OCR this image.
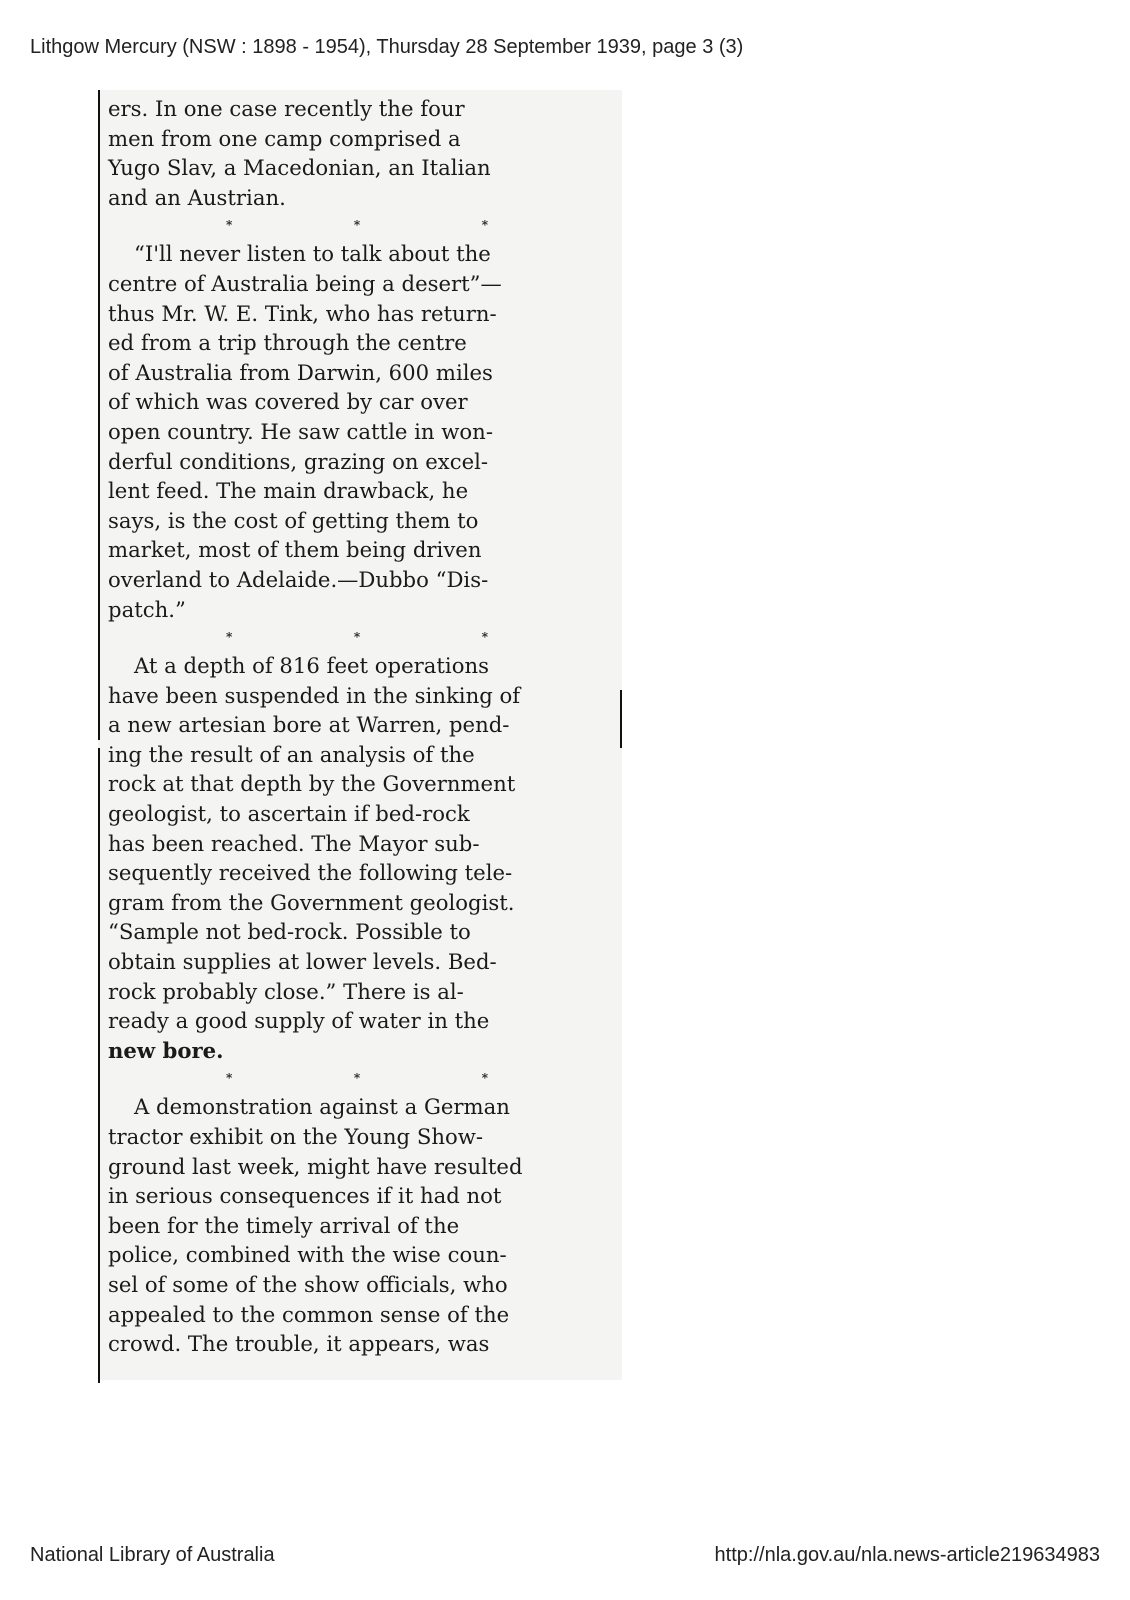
Lithgow Mercury (NSW : 1898 - 1954), Thursday 28 September 1939, page 3 (3)

ers. In one case recently the four

men from one camp comprised a

Yugo Slav, a Macedonian, an Italian

and an Austrian.

*	*	*

“I'll never listen to talk about the

centre of Australia being a desert”—

thus Mr. W. E. Tink, who has return-

ed from a trip through the centre

of Australia from Darwin, 600 miles

of which was covered by car over

open country. He saw cattle in won-

derful conditions, grazing on excel-

lent feed. The main drawback, he

says, is the cost of getting them to

market, most of them being driven

overland to Adelaide.—Dubbo “Dis-

patch.”

*	*	*

At a depth of 816 feet operations

have been suspended in the sinking of

a new artesian bore at Warren, pend-

ing the result of an analysis of the

rock at that depth by the Government

geologist, to ascertain if bed-rock

has been reached. The Mayor sub-

sequently received the following tele-

gram from the Government geologist.

“Sample not bed-rock. Possible to

obtain supplies at lower levels. Bed-

rock probably close.” There is al-

ready a good supply of water in the

new bore.

*	*	*

A demonstration against a German

tractor exhibit on the Young Show-

ground last week, might have resulted

in serious consequences if it had not

been for the timely arrival of the

police, combined with the wise coun-

sel of some of the show officials, who

appealed to the common sense of the

crowd. The trouble, it appears, was

National Library of Australia	http://nla.gov.au/nla.news-article219634983
